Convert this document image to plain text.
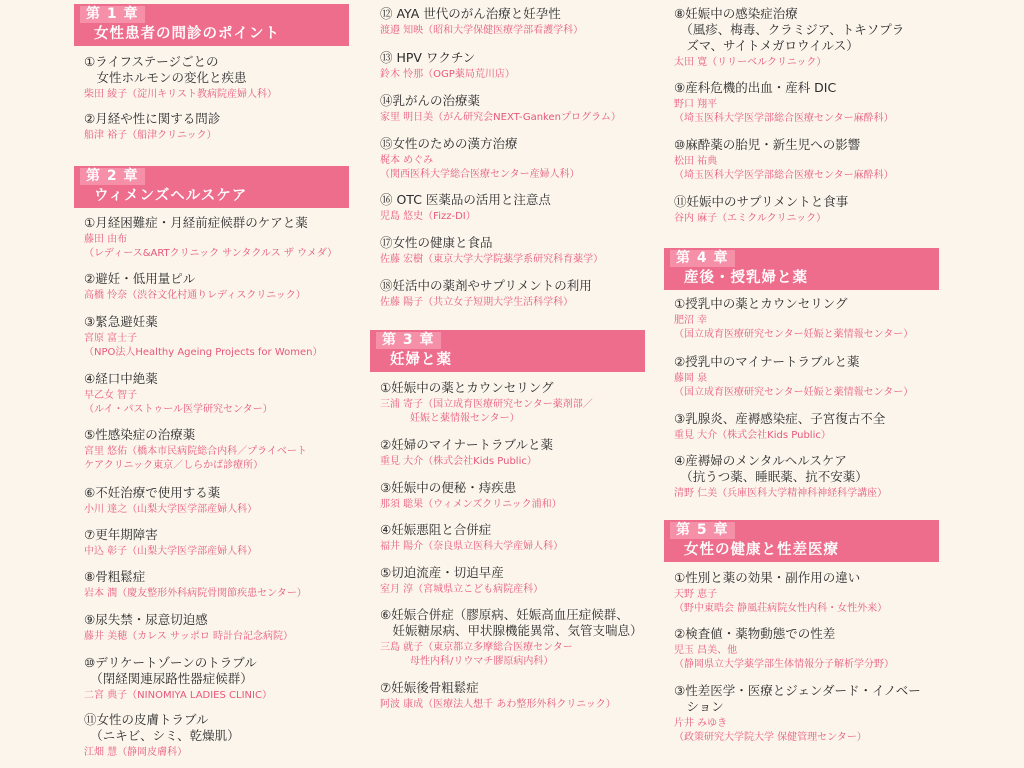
第 1 章
女性患者の問診のポイント
①ライフステージごとの
　女性ホルモンの変化と疾患
柴田 綾子（淀川キリスト教病院産婦人科）
②月経や性に関する問診
船津 裕子（船津クリニック）
第 2 章
ウィメンズヘルスケア
①月経困難症・月経前症候群のケアと薬
藤田 由布
（レディース&ARTクリニック サンタクルス ザ ウメダ）
②避妊・低用量ピル
高橋 怜奈（渋谷文化村通りレディスクリニック）
③緊急避妊薬
宮原 富士子
（NPO法人Healthy Ageing Projects for Women）
④経口中絶薬
早乙女 智子
（ルイ・パストゥール医学研究センター）
⑤性感染症の治療薬
宮里 悠佑（橋本市民病院総合内科／プライベート
ケアクリニック東京／しらかば診療所）
⑥不妊治療で使用する薬
小川 達之（山梨大学医学部産婦人科）
⑦更年期障害
中込 彰子（山梨大学医学部産婦人科）
⑧骨粗鬆症
岩本 潤（慶友整形外科病院骨関節疾患センター）
⑨尿失禁・尿意切迫感
藤井 美穂（カレス サッポロ 時計台記念病院）
⑩デリケートゾーンのトラブル
　（閉経関連尿路性器症候群）
二宮 典子（NINOMIYA LADIES CLINIC）
⑪女性の皮膚トラブル
　（ニキビ、シミ、乾燥肌）
江畑 慧（静岡皮膚科）
⑫ AYA 世代のがん治療と妊孕性
渡邉 知映（昭和大学保健医療学部看護学科）
⑬ HPV ワクチン
鈴木 怜那（OGP薬局荒川店）
⑭乳がんの治療薬
家里 明日美（がん研究会NEXT-Gankenプログラム）
⑮女性のための漢方治療
梶本 めぐみ
（関西医科大学総合医療センター産婦人科）
⑯ OTC 医薬品の活用と注意点
児島 悠史（Fizz-DI）
⑰女性の健康と食品
佐藤 宏樹（東京大学大学院薬学系研究科育薬学）
⑱妊活中の薬剤やサプリメントの利用
佐藤 陽子（共立女子短期大学生活科学科）
第 3 章
妊婦と薬
①妊娠中の薬とカウンセリング
三浦 寄子（国立成育医療研究センター薬剤部／
　　　妊娠と薬情報センター）
②妊婦のマイナートラブルと薬
重見 大介（株式会社Kids Public）
③妊娠中の便秘・痔疾患
那須 聡果（ウィメンズクリニック浦和）
④妊娠悪阻と合併症
福井 陽介（奈良県立医科大学産婦人科）
⑤切迫流産・切迫早産
室月 淳（宮城県立こども病院産科）
⑥妊娠合併症（膠原病、妊娠高血圧症候群、
　妊娠糖尿病、甲状腺機能異常、気管支喘息）
三島 就子（東京都立多摩総合医療センター
　　　母性内科/リウマチ膠原病内科）
⑦妊娠後骨粗鬆症
阿波 康成（医療法人想千 あわ整形外科クリニック）
⑧妊娠中の感染症治療
　（風疹、梅毒、クラミジア、トキソプラ
　ズマ、サイトメガロウイルス）
太田 寛（リリーベルクリニック）
⑨産科危機的出血・産科 DIC
野口 翔平
（埼玉医科大学医学部総合医療センター麻酔科）
⑩麻酔薬の胎児・新生児への影響
松田 祐典
（埼玉医科大学医学部総合医療センター麻酔科）
⑪妊娠中のサプリメントと食事
谷内 麻子（エミクルクリニック）
第 4 章
産後・授乳婦と薬
①授乳中の薬とカウンセリング
肥沼 幸
（国立成育医療研究センター妊娠と薬情報センター）
②授乳中のマイナートラブルと薬
藤岡 泉
（国立成育医療研究センター妊娠と薬情報センター）
③乳腺炎、産褥感染症、子宮復古不全
重見 大介（株式会社Kids Public）
④産褥婦のメンタルヘルスケア
　（抗うつ薬、睡眠薬、抗不安薬）
清野 仁美（兵庫医科大学精神科神経科学講座）
第 5 章
女性の健康と性差医療
①性別と薬の効果・副作用の違い
天野 恵子
（野中東晧会 静風荘病院女性内科・女性外来）
②検査値・薬物動態での性差
児玉 昌美、他
（静岡県立大学薬学部生体情報分子解析学分野）
③性差医学・医療とジェンダード・イノベー
　ション
片井 みゆき
（政策研究大学院大学 保健管理センター）
